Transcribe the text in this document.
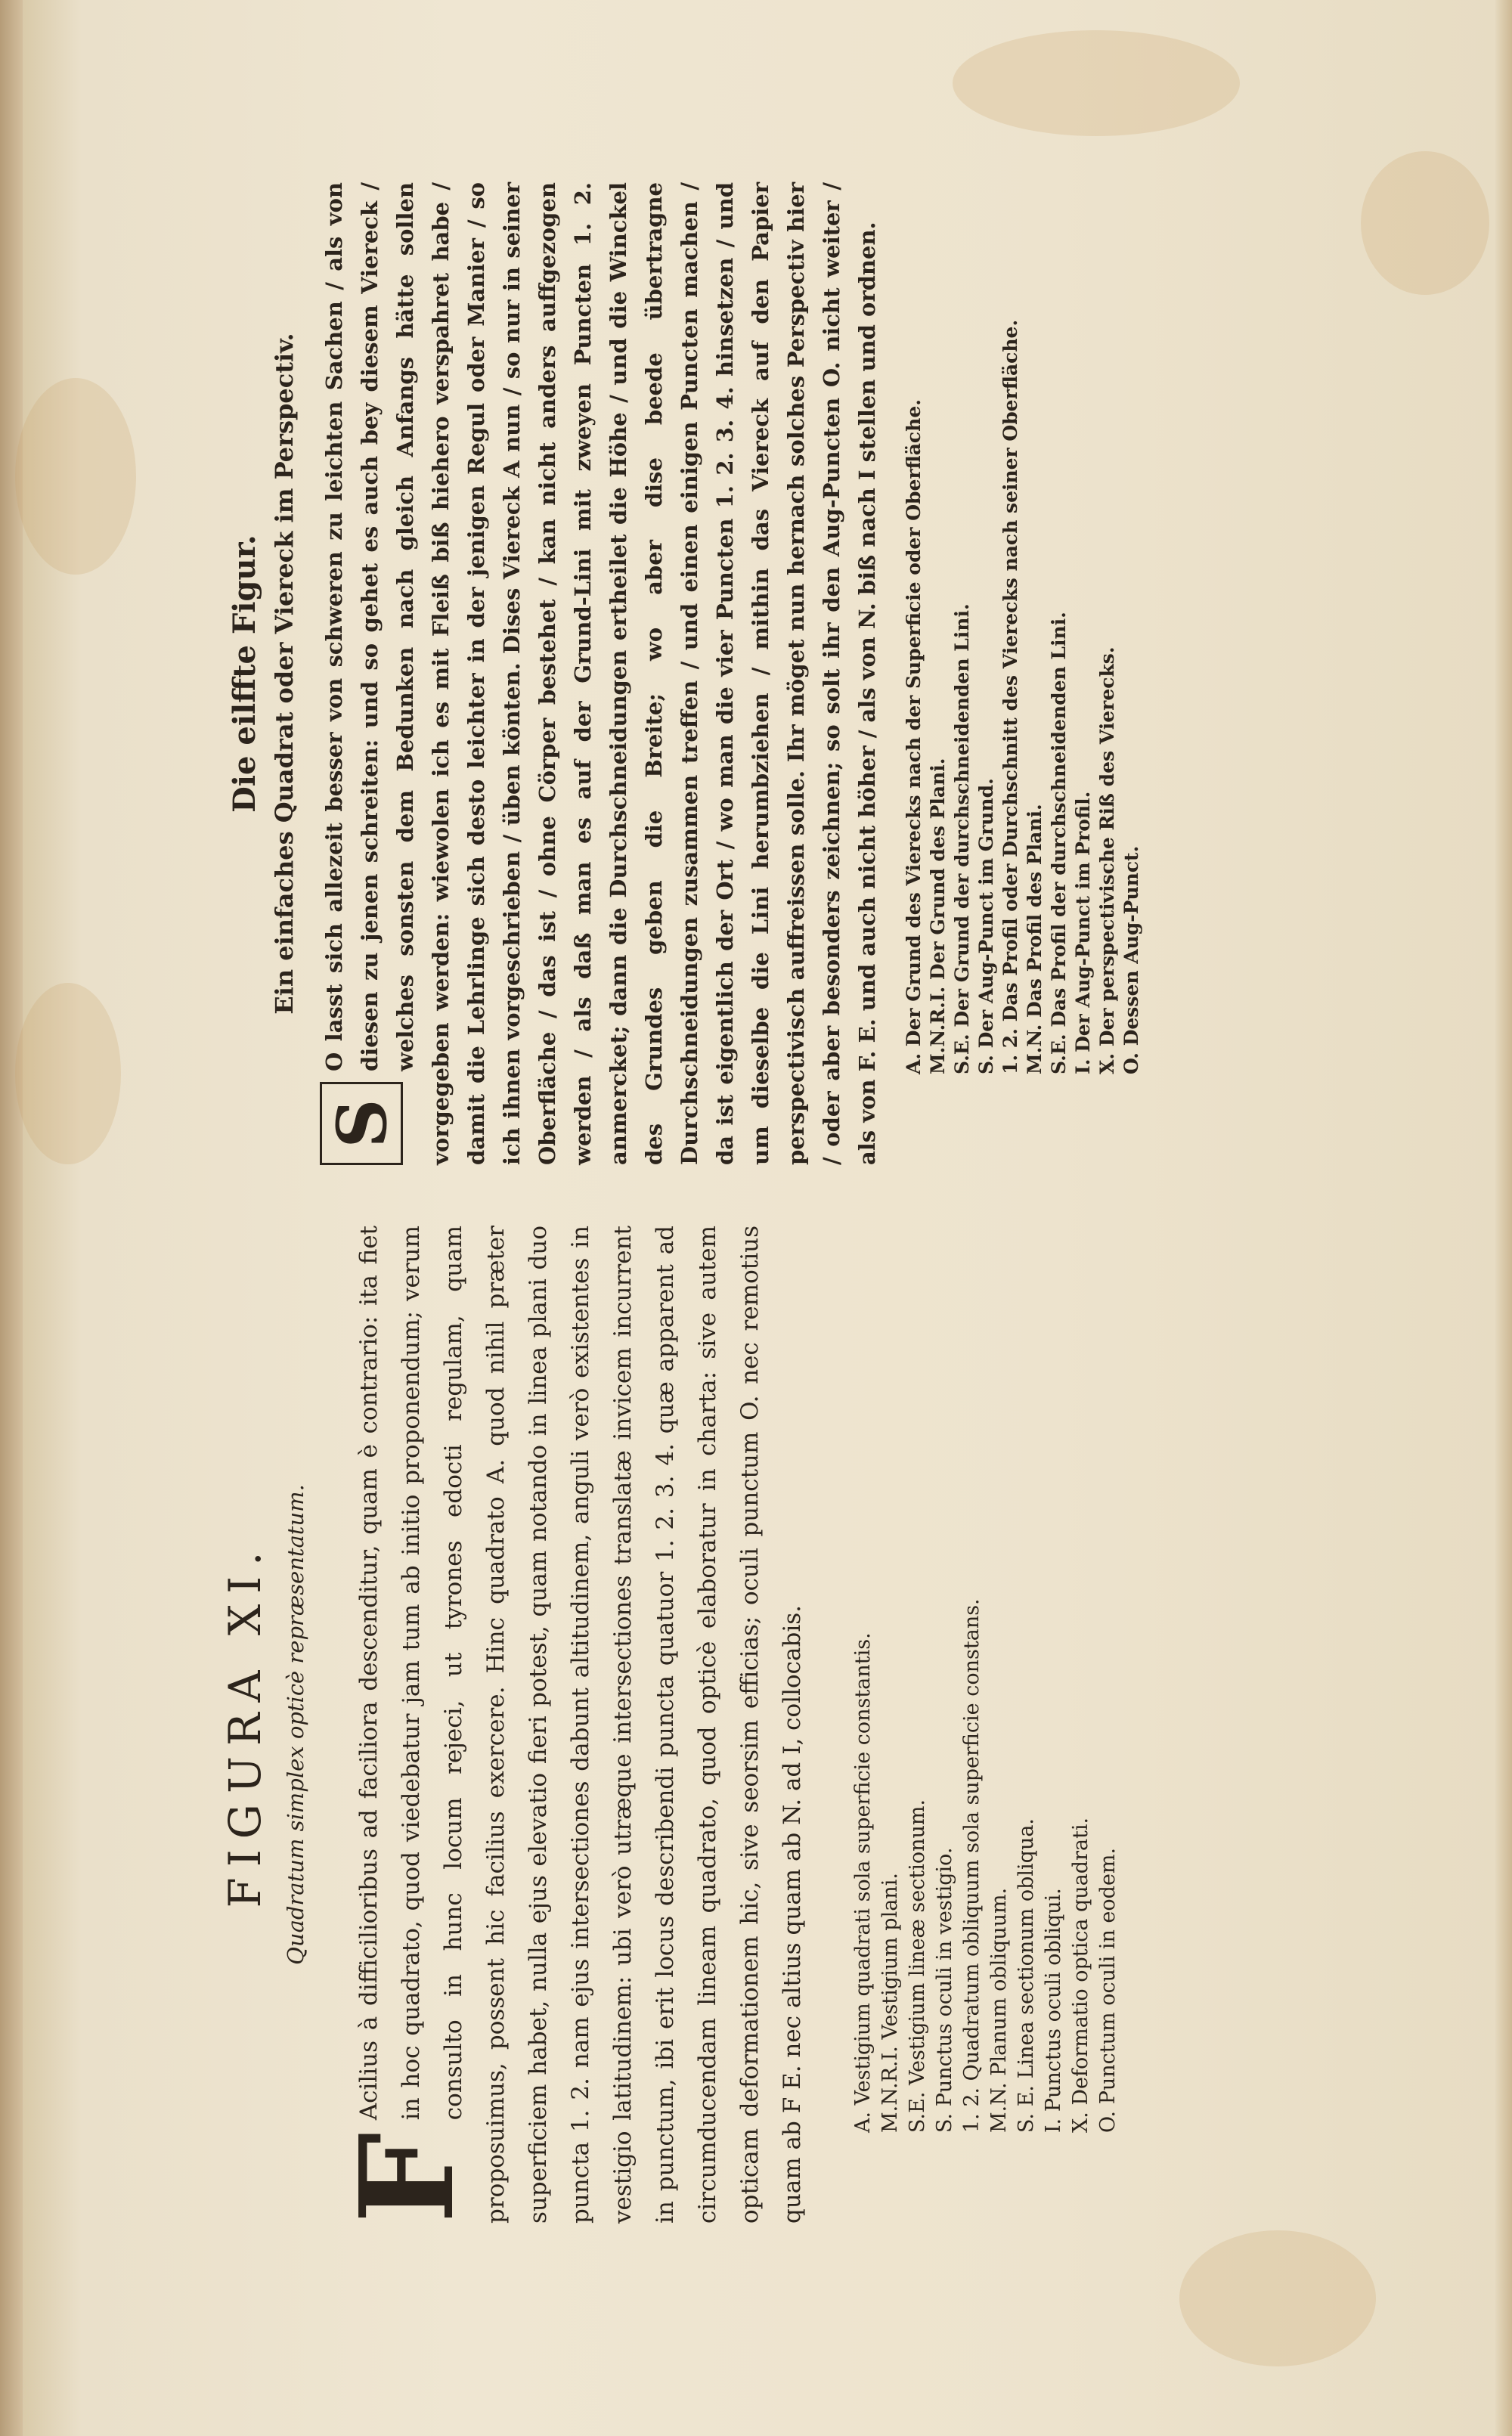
FIGURA XI. Quadratum simplex opticè repræsentatum.

F
Acilius à difficilioribus ad faciliora descenditur, quam è contrario: ita fiet in hoc quadrato, quod viedebatur jam tum ab initio proponendum; verum consulto in hunc locum rejeci, ut tyrones edocti regulam, quam proposuimus, possent hic facilius exercere. Hinc quadrato A. quod nihil præter superficiem habet, nulla ejus elevatio fieri potest, quam notando in linea plani duo puncta 1. 2. nam ejus intersectiones dabunt altitudinem, anguli verò existentes in vestigio latitudinem: ubi verò utræque intersectiones translatæ invicem incurrent in punctum, ibi erit locus describendi puncta quatuor 1. 2. 3. 4. quæ apparent ad circumducendam lineam quadrato, quod opticè elaboratur in charta: sive autem opticam deformationem hic, sive seorsim efficias; oculi punctum O. nec remotius quam ab F E. nec altius quam ab N. ad I, collocabis.	A. Vestigium quadrati sola superficie constantis. M.N.R.I. Vestigium plani. S.E. Vestigium lineæ sectionum. S. Punctus oculi in vestigio. 1. 2. Quadratum obliquum sola superficie constans. M.N. Planum obliquum. S. E. Linea sectionum obliqua. I. Punctus oculi obliqui. X. Deformatio optica quadrati. O. Punctum oculi in eodem.
Die eilffte Figur. Ein einfaches Quadrat oder Viereck im Perspectiv.

S
O lasst sich allezeit besser von schweren zu leichten Sachen / als von diesen zu jenen schreiten: und so gehet es auch bey diesem Viereck / welches sonsten dem Bedunken nach gleich Anfangs hätte sollen vorgegeben werden: wiewolen ich es mit Fleiß biß hiehero verspahret habe / damit die Lehrlinge sich desto leichter in der jenigen Regul oder Manier / so ich ihnen vorgeschrieben / üben könten. Dises Viereck A nun / so nur in seiner Oberfläche / das ist / ohne Cörper bestehet / kan nicht anders auffgezogen werden / als daß man es auf der Grund-Lini mit zweyen Puncten 1. 2. anmercket; dann die Durchschneidungen ertheilet die Höhe / und die Winckel des Grundes geben die Breite; wo aber dise beede übertragne Durchschneidungen zusammen treffen / und einen einigen Puncten machen / da ist eigentlich der Ort / wo man die vier Puncten 1. 2. 3. 4. hinsetzen / und um dieselbe die Lini herumbziehen / mithin das Viereck auf den Papier perspectivisch auffreissen solle. Ihr möget nun hernach solches Perspectiv hier / oder aber besonders zeichnen; so solt ihr den Aug-Puncten O. nicht weiter / als von F. E. und auch nicht höher / als von N. biß nach I stellen und ordnen. A. Der Grund des Vierecks nach der Superficie oder Oberfläche. M.N.R.I. Der Grund des Plani. S.E. Der Grund der durchschneidenden Lini. S. Der Aug-Punct im Grund. 1. 2. Das Profil oder Durchschnitt des Vierecks nach seiner Oberfläche. M.N. Das Profil des Plani. S.E. Das Profil der durchschneidenden Lini. I. Der Aug-Punct im Profil. X. Der perspectivische Riß des Vierecks. O. Dessen Aug-Punct.
